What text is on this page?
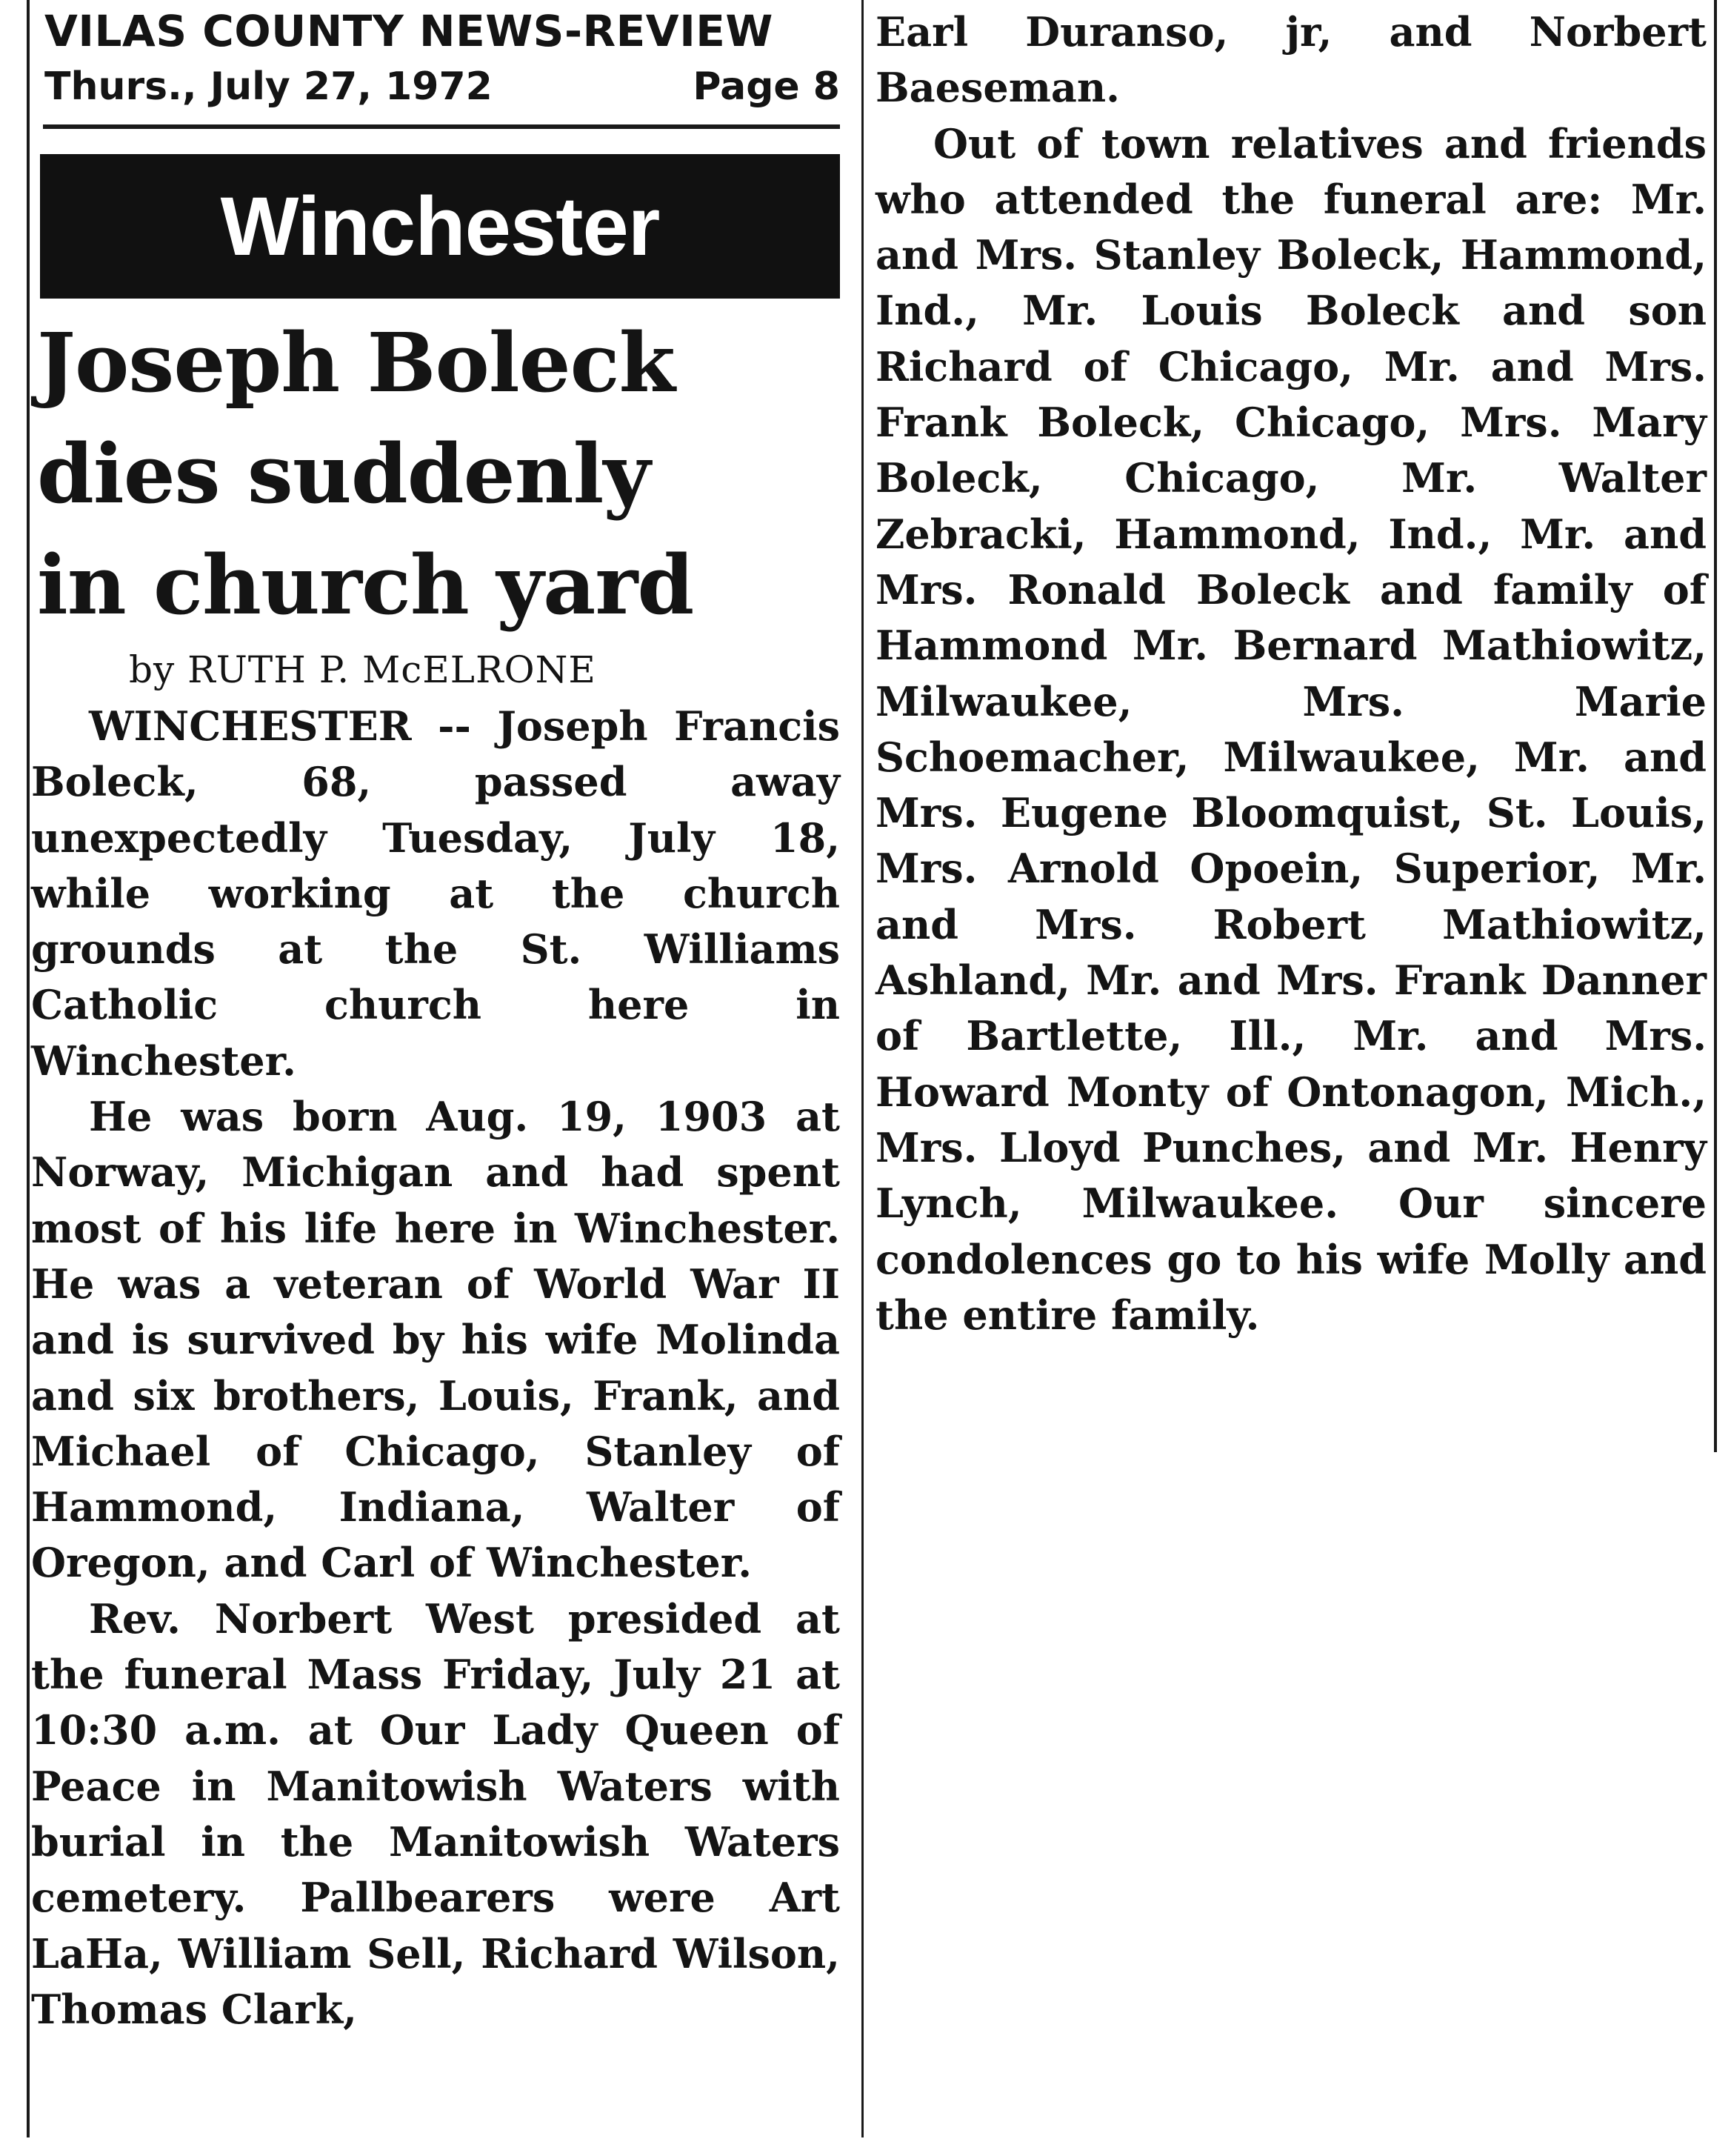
VILAS COUNTY NEWS-REVIEW
Thurs., July 27, 1972	Page 8
Winchester
Joseph Boleck
dies suddenly
in church yard
by RUTH P. McELRONE

WINCHESTER -- Joseph Francis Boleck, 68, passed away unexpectedly Tuesday, July 18, while working at the church grounds at the St. Williams Catholic church here in Winchester.

He was born Aug. 19, 1903 at Norway, Michigan and had spent most of his life here in Winchester. He was a veteran of World War II and is survived by his wife Molinda and six brothers, Louis, Frank, and Michael of Chicago, Stanley of Hammond, Indiana, Walter of Oregon, and Carl of Winchester.

Rev. Norbert West presided at the funeral Mass Friday, July 21 at 10:30 a.m. at Our Lady Queen of Peace in Manitowish Waters with burial in the Manitowish Waters cemetery. Pallbearers were Art LaHa, William Sell, Richard Wilson, Thomas Clark,

Earl Duranso, jr, and Norbert Baeseman.

Out of town relatives and friends who attended the funeral are: Mr. and Mrs. Stanley Boleck, Hammond, Ind., Mr. Louis Boleck and son Richard of Chicago, Mr. and Mrs. Frank Boleck, Chicago, Mrs. Mary Boleck, Chicago, Mr. Walter Zebracki, Hammond, Ind., Mr. and Mrs. Ronald Boleck and family of Hammond Mr. Bernard Mathiowitz, Milwaukee, Mrs. Marie Schoemacher, Milwaukee, Mr. and Mrs. Eugene Bloomquist, St. Louis, Mrs. Arnold Opoein, Superior, Mr. and Mrs. Robert Mathiowitz, Ashland, Mr. and Mrs. Frank Danner of Bartlette, Ill., Mr. and Mrs. Howard Monty of Ontonagon, Mich., Mrs. Lloyd Punches, and Mr. Henry Lynch, Milwaukee. Our sincere condolences go to his wife Molly and the entire family.
